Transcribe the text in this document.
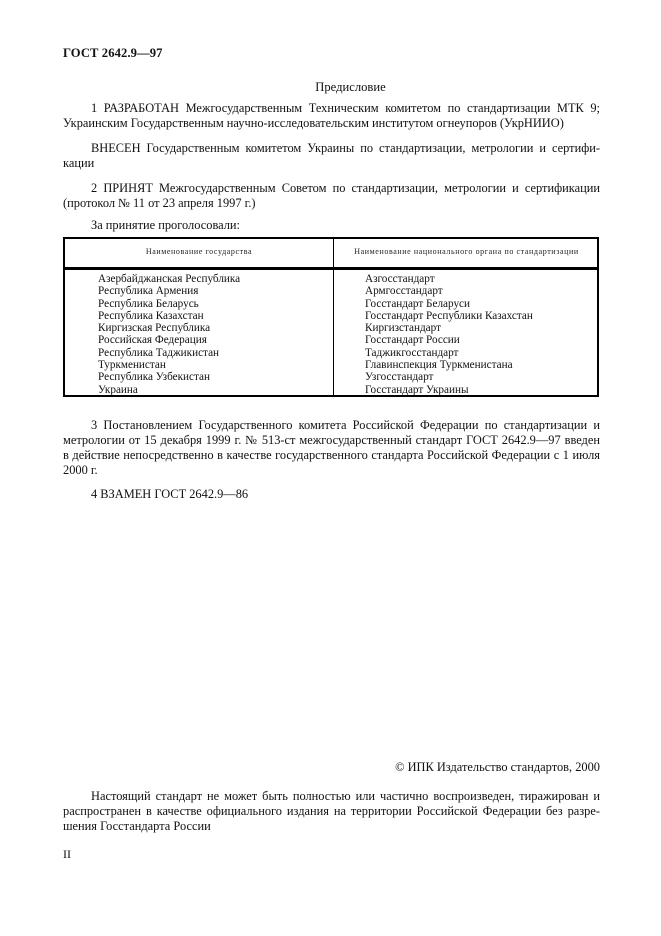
ГОСТ 2642.9—97
Предисловие
1 РАЗРАБОТАН Межгосударственным Техническим комитетом по стандартизации МТК 9;
Украинским Государственным научно-исследовательским институтом огнеупоров (УкрНИИО)
ВНЕСЕН Государственным комитетом Украины по стандартизации, метрологии и сертифи-
кации
2 ПРИНЯТ Межгосударственным Советом по стандартизации, метрологии и сертификации
(протокол № 11 от 23 апреля 1997 г.)
За принятие проголосовали:
Наименование государства	Наименование национального органа по стандартизации
Азербайджанская Республика
Республика Армения
Республика Беларусь
Республика Казахстан
Киргизская Республика
Российская Федерация
Республика Таджикистан
Туркменистан
Республика Узбекистан
Украина
Азгосстандарт
Армгосстандарт
Госстандарт Беларуси
Госстандарт Республики Казахстан
Киргизстандарт
Госстандарт России
Таджикгосстандарт
Главинспекция Туркменистана
Узгосстандарт
Госстандарт Украины
3 Постановлением Государственного комитета Российской Федерации по стандартизации и
метрологии от 15 декабря 1999 г. № 513-ст межгосударственный стандарт ГОСТ 2642.9—97 введен
в действие непосредственно в качестве государственного стандарта Российской Федерации с 1 июля
2000 г.
4 ВЗАМЕН ГОСТ 2642.9—86
© ИПК Издательство стандартов, 2000
Настоящий стандарт не может быть полностью или частично воспроизведен, тиражирован и
распространен в качестве официального издания на территории Российской Федерации без разре-
шения Госстандарта России
II
